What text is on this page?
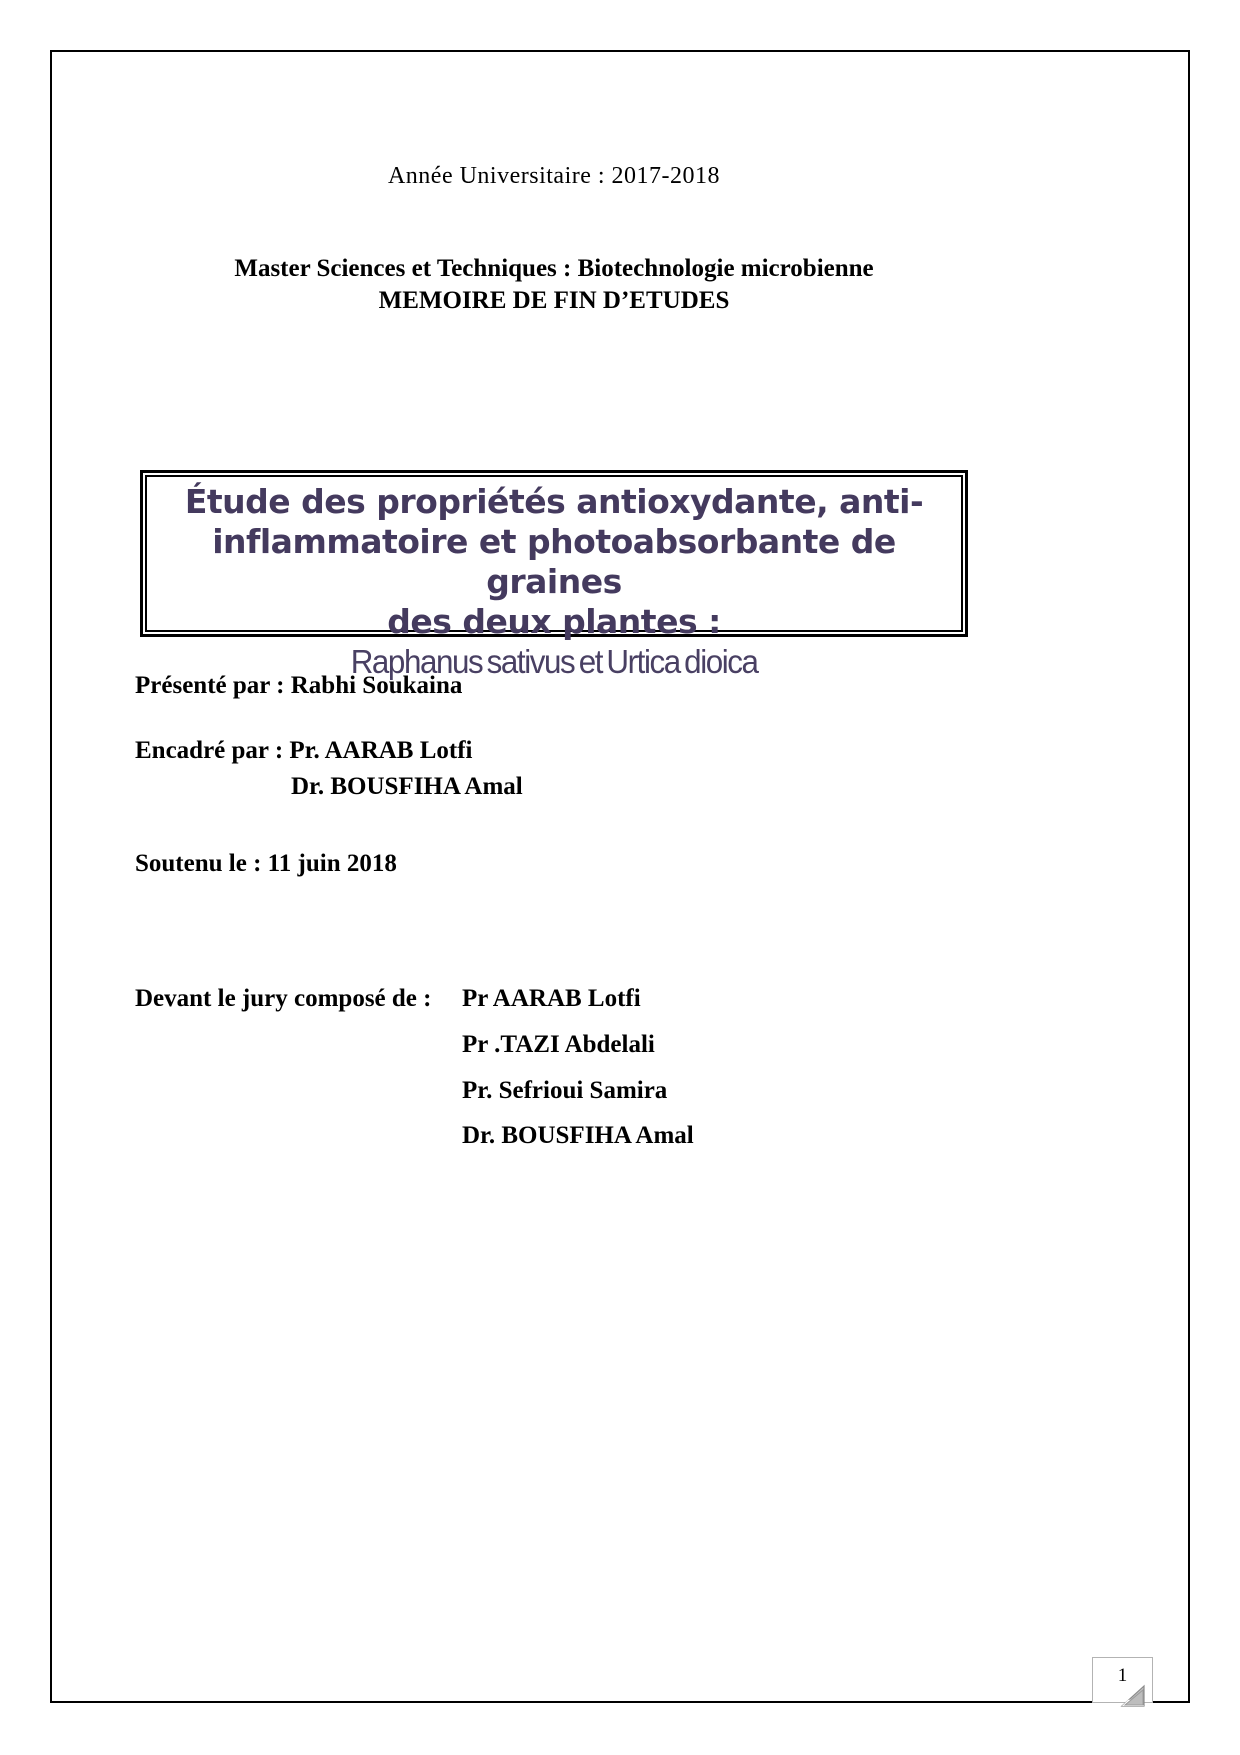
Année Universitaire : 2017-2018
Master Sciences et Techniques : Biotechnologie microbienne
MEMOIRE DE FIN D’ETUDES
Étude des propriétés antioxydante, anti-
inflammatoire et photoabsorbante de graines
des deux plantes :
Raphanus sativus et Urtica dioica
Présenté par : Rabhi Soukaina
Encadré par : Pr. AARAB Lotfi
Dr. BOUSFIHA Amal
Soutenu le : 11 juin 2018
Devant le jury composé de : Pr AARAB Lotfi
Pr .TAZI Abdelali
Pr. Sefrioui Samira
Dr. BOUSFIHA Amal
1
